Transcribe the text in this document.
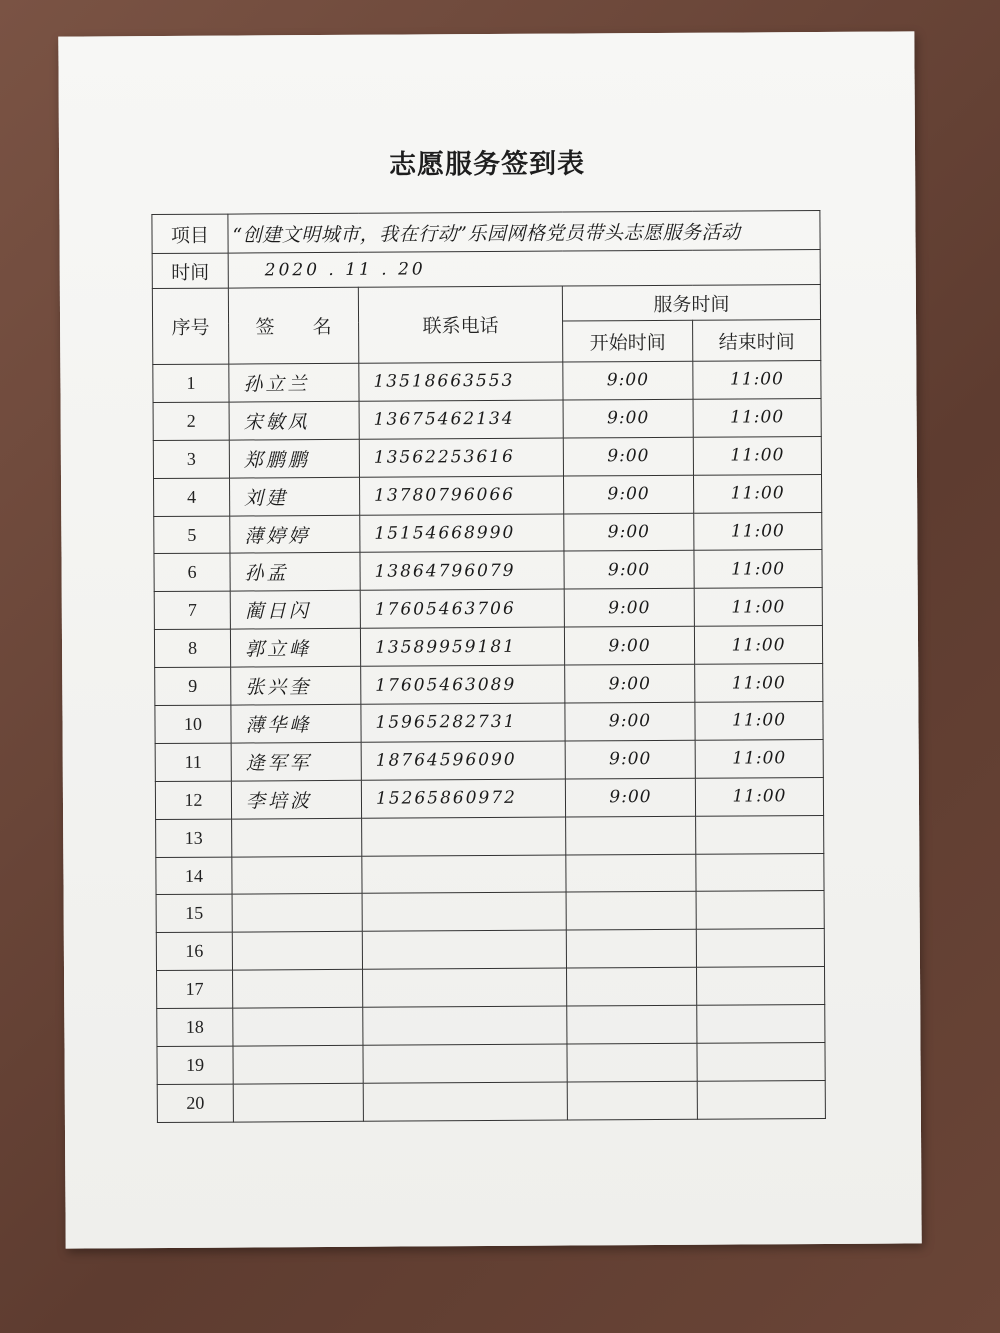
志愿服务签到表
项目	“创建文明城市，我在行动”乐园网格党员带头志愿服务活动			
时间	2020 . 11 . 20			
序号	签　　名	联系电话	服务时间	
			开始时间	结束时间
1	孙立兰	13518663553	9:00	11:00
2	宋敏凤	13675462134	9:00	11:00
3	郑鹏鹏	13562253616	9:00	11:00
4	刘建	13780796066	9:00	11:00
5	薄婷婷	15154668990	9:00	11:00
6	孙孟	13864796079	9:00	11:00
7	蔺日闪	17605463706	9:00	11:00
8	郭立峰	13589959181	9:00	11:00
9	张兴奎	17605463089	9:00	11:00
10	薄华峰	15965282731	9:00	11:00
11	逄军军	18764596090	9:00	11:00
12	李培波	15265860972	9:00	11:00
13				
14				
15				
16				
17				
18				
19				
20				
